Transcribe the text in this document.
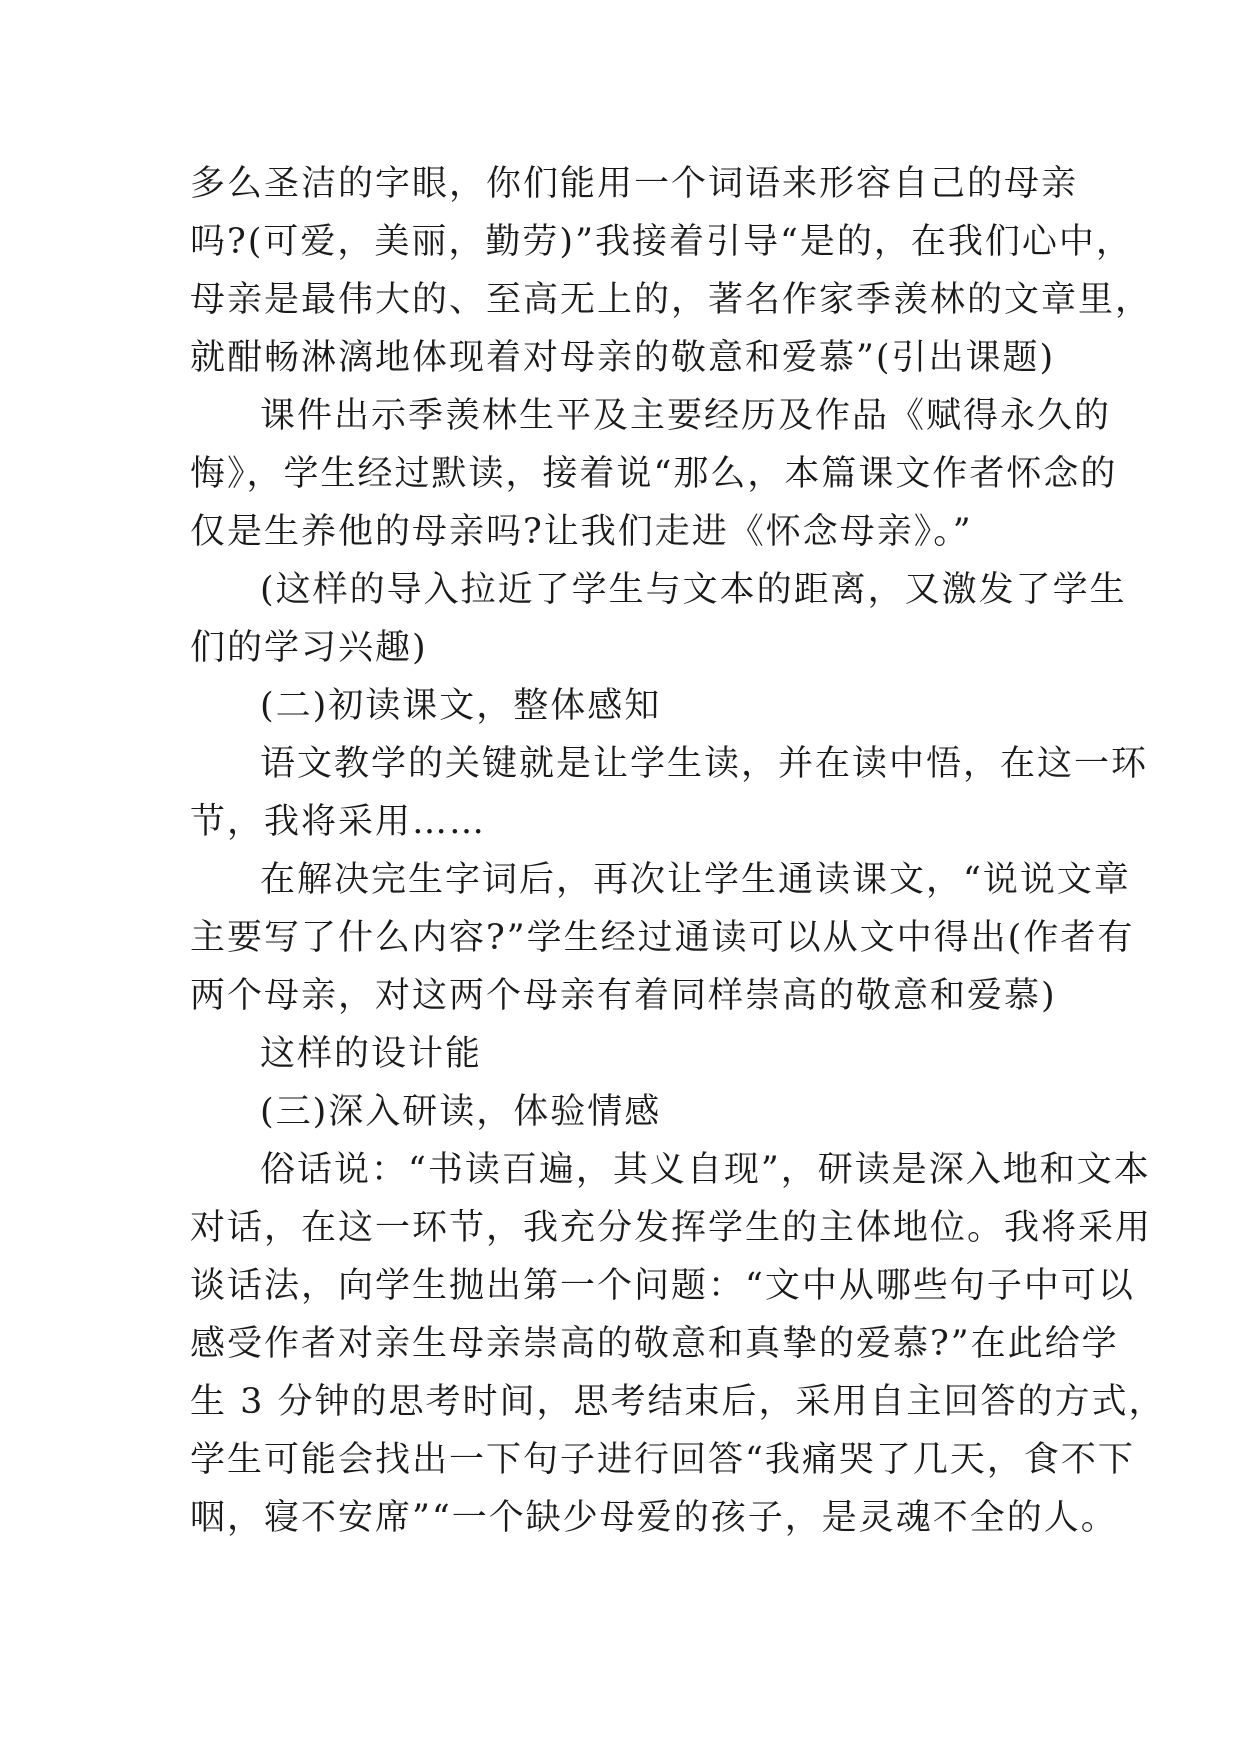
多么圣洁的字眼，你们能用一个词语来形容自己的母亲
吗?(可爱，美丽，勤劳)”我接着引导“是的，在我们心中，
母亲是最伟大的、至高无上的，著名作家季羡林的文章里，
就酣畅淋漓地体现着对母亲的敬意和爱慕”(引出课题)
课件出示季羡林生平及主要经历及作品《赋得永久的
悔》，学生经过默读，接着说“那么，本篇课文作者怀念的
仅是生养他的母亲吗?让我们走进《怀念母亲》。”
(这样的导入拉近了学生与文本的距离，又激发了学生
们的学习兴趣)
(二)初读课文，整体感知
语文教学的关键就是让学生读，并在读中悟，在这一环
节，我将采用……
在解决完生字词后，再次让学生通读课文，“说说文章
主要写了什么内容?”学生经过通读可以从文中得出(作者有
两个母亲，对这两个母亲有着同样崇高的敬意和爱慕)
这样的设计能
(三)深入研读，体验情感
俗话说：“书读百遍，其义自现”，研读是深入地和文本
对话，在这一环节，我充分发挥学生的主体地位。我将采用
谈话法，向学生抛出第一个问题：“文中从哪些句子中可以
感受作者对亲生母亲崇高的敬意和真挚的爱慕?”在此给学
生 3 分钟的思考时间，思考结束后，采用自主回答的方式，
学生可能会找出一下句子进行回答“我痛哭了几天，食不下
咽，寝不安席”“一个缺少母爱的孩子，是灵魂不全的人。
